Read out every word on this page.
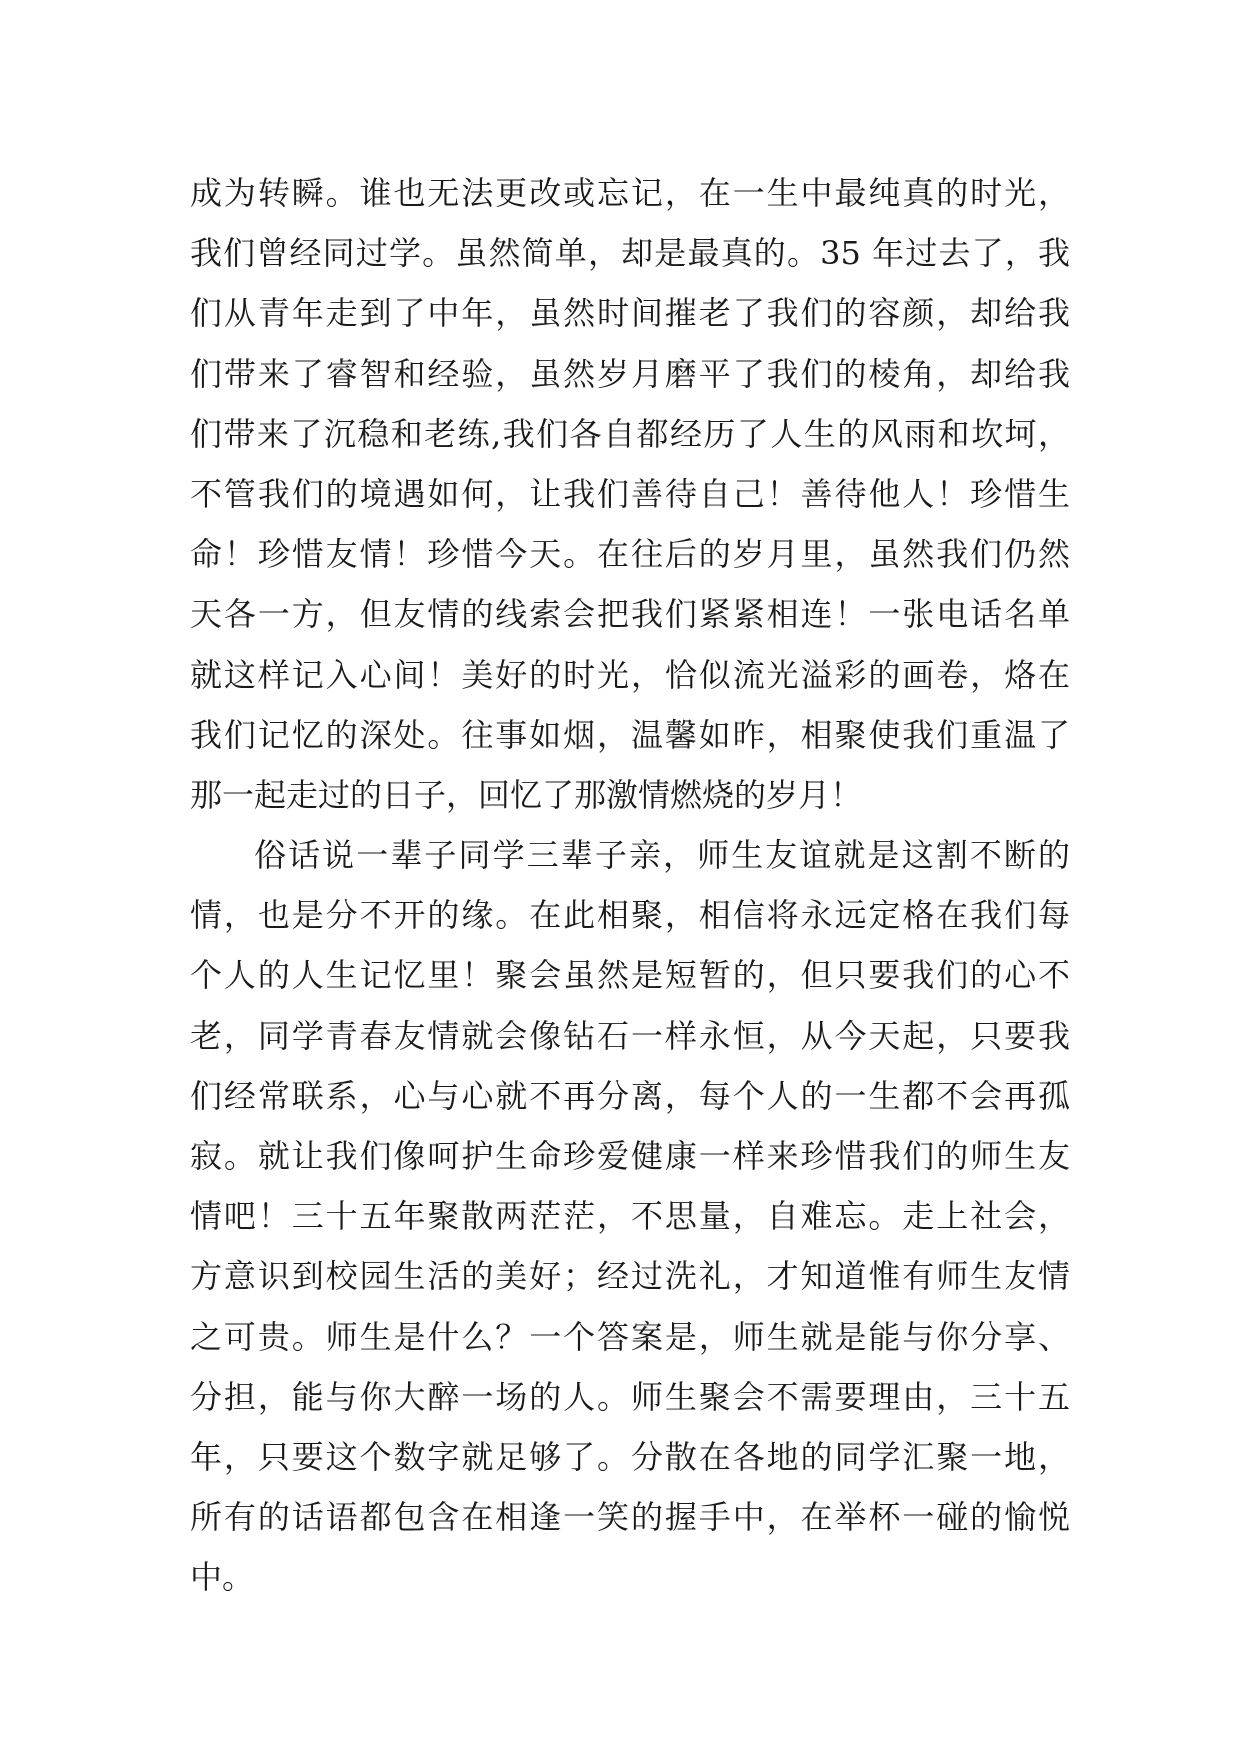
成为转瞬。谁也无法更改或忘记，在一生中最纯真的时光，
我们曾经同过学。虽然简单，却是最真的。35 年过去了，我
们从青年走到了中年，虽然时间摧老了我们的容颜，却给我
们带来了睿智和经验，虽然岁月磨平了我们的棱角，却给我
们带来了沉稳和老练,我们各自都经历了人生的风雨和坎坷，
不管我们的境遇如何，让我们善待自己！善待他人！珍惜生
命！珍惜友情！珍惜今天。在往后的岁月里，虽然我们仍然
天各一方，但友情的线索会把我们紧紧相连！一张电话名单
就这样记入心间！美好的时光，恰似流光溢彩的画卷，烙在
我们记忆的深处。往事如烟，温馨如昨，相聚使我们重温了
那一起走过的日子，回忆了那激情燃烧的岁月！
俗话说一辈子同学三辈子亲，师生友谊就是这割不断的
情，也是分不开的缘。在此相聚，相信将永远定格在我们每
个人的人生记忆里！聚会虽然是短暂的，但只要我们的心不
老，同学青春友情就会像钻石一样永恒，从今天起，只要我
们经常联系，心与心就不再分离，每个人的一生都不会再孤
寂。就让我们像呵护生命珍爱健康一样来珍惜我们的师生友
情吧！三十五年聚散两茫茫，不思量，自难忘。走上社会，
方意识到校园生活的美好；经过洗礼，才知道惟有师生友情
之可贵。师生是什么？一个答案是，师生就是能与你分享、
分担，能与你大醉一场的人。师生聚会不需要理由，三十五
年，只要这个数字就足够了。分散在各地的同学汇聚一地，
所有的话语都包含在相逢一笑的握手中，在举杯一碰的愉悦
中。
